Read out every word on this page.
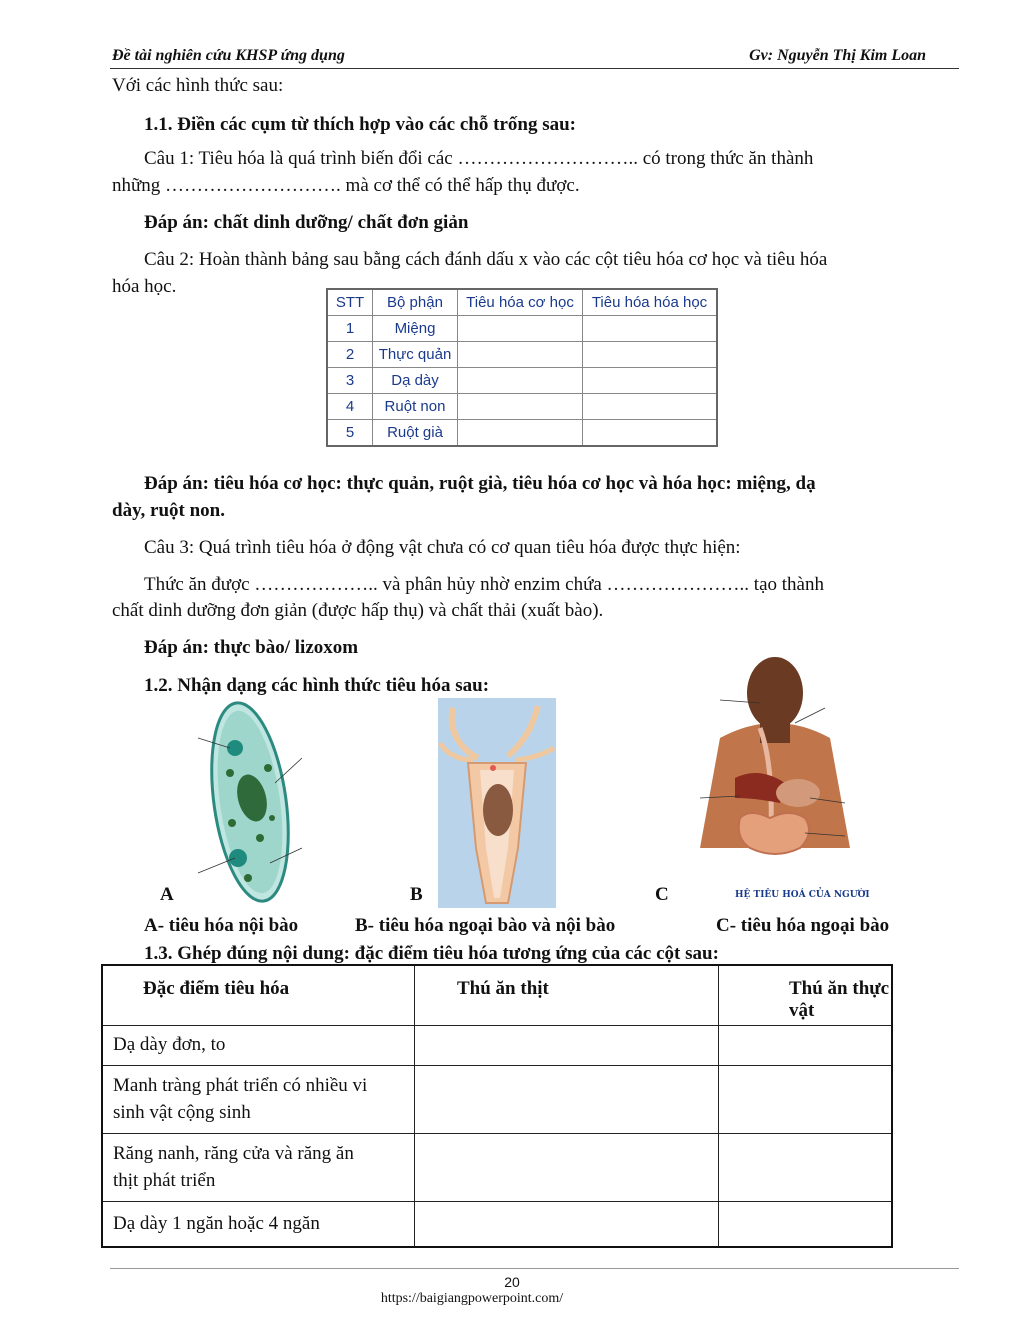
Đề tài nghiên cứu KHSP ứng dụng	Gv: Nguyễn Thị Kim Loan
Với các hình thức sau:
1.1. Điền các cụm từ thích hợp vào các chỗ trống sau:
Câu 1: Tiêu hóa là quá trình biến đổi các ……………………….. có trong thức ăn thành
những ………………………. mà cơ thể có thể hấp thụ được.
Đáp án: chất dinh dưỡng/ chất đơn giản
Câu 2: Hoàn thành bảng sau bằng cách đánh dấu x vào các cột tiêu hóa cơ học và tiêu hóa
hóa học.
STT	Bộ phận	Tiêu hóa cơ học	Tiêu hóa hóa học
1	Miệng		
2	Thực quản		
3	Dạ dày		
4	Ruột non		
5	Ruột già		
Đáp án: tiêu hóa cơ học: thực quản, ruột già, tiêu hóa cơ học và hóa học: miệng, dạ
dày, ruột non.
Câu 3: Quá trình tiêu hóa ở động vật chưa có cơ quan tiêu hóa được thực hiện:
Thức ăn được ……………….. và phân hủy nhờ enzim chứa ………………….. tạo thành
chất dinh dưỡng đơn giản (được hấp thụ) và chất thải (xuất bào).
Đáp án: thực bào/ lizoxom
1.2. Nhận dạng các hình thức tiêu hóa sau:
HỆ TIÊU HOÁ CỦA NGƯỜI
A	B	C
A- tiêu hóa nội bào	B- tiêu hóa ngoại bào và nội bào	C- tiêu hóa ngoại bào
1.3. Ghép đúng nội dung: đặc điểm tiêu hóa tương ứng của các cột sau:
Đặc điểm tiêu hóa	Thú ăn thịt	Thú ăn thực vật
Dạ dày đơn, to		
Manh tràng phát triển có nhiều vi sinh vật cộng sinh		
Răng nanh, răng cửa và răng ăn thịt phát triển		
Dạ dày 1 ngăn hoặc 4 ngăn		
20
https://baigiangpowerpoint.com/
